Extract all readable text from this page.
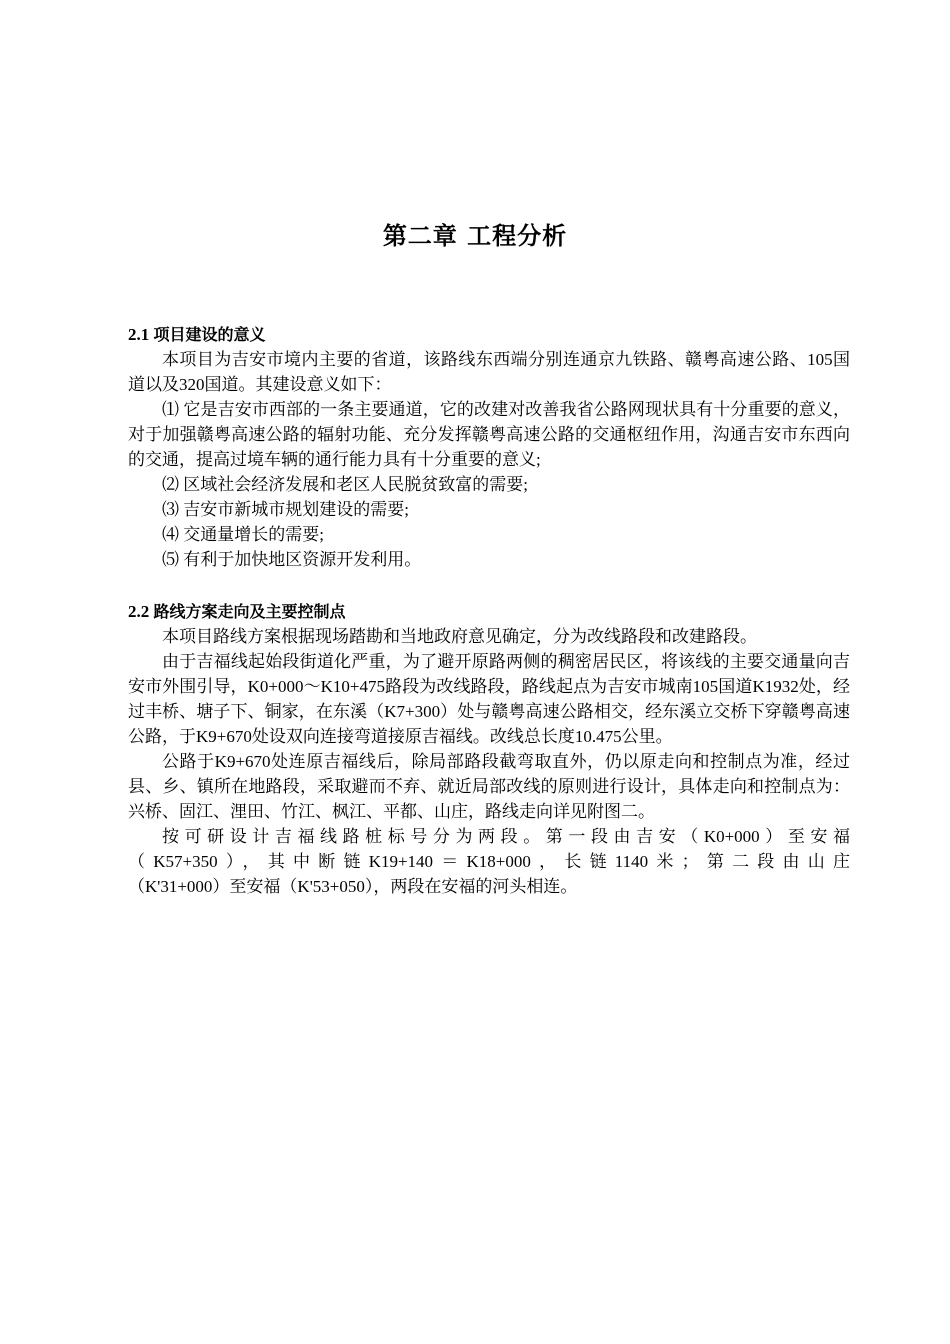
第二章 工程分析
2.1 项目建设的意义

本项目为吉安市境内主要的省道，该路线东西端分别连通京九铁路、赣粤高速公路、105国道以及320国道。其建设意义如下：

⑴ 它是吉安市西部的一条主要通道，它的改建对改善我省公路网现状具有十分重要的意义，对于加强赣粤高速公路的辐射功能、充分发挥赣粤高速公路的交通枢纽作用，沟通吉安市东西向的交通，提高过境车辆的通行能力具有十分重要的意义;

⑵ 区域社会经济发展和老区人民脱贫致富的需要;

⑶ 吉安市新城市规划建设的需要;

⑷ 交通量增长的需要;

⑸ 有利于加快地区资源开发利用。

2.2 路线方案走向及主要控制点

本项目路线方案根据现场踏勘和当地政府意见确定，分为改线路段和改建路段。

由于吉福线起始段街道化严重，为了避开原路两侧的稠密居民区，将该线的主要交通量向吉安市外围引导，K0+000～K10+475路段为改线路段，路线起点为吉安市城南105国道K1932处，经过丰桥、塘子下、铜家，在东溪（K7+300）处与赣粤高速公路相交，经东溪立交桥下穿赣粤高速公路，于K9+670处设双向连接弯道接原吉福线。改线总长度10.475公里。

公路于K9+670处连原吉福线后，除局部路段截弯取直外，仍以原走向和控制点为准，经过县、乡、镇所在地路段，采取避而不弃、就近局部改线的原则进行设计，具体走向和控制点为：兴桥、固江、浬田、竹江、枫江、平都、山庄，路线走向详见附图二。

按可研设计吉福线路桩标号分为两段。第一段由吉安（K0+000）至安福

（K57+350），其中断链K19+140＝K18+000，长链1140米；第二段由山庄

（K'31+000）至安福（K'53+050），两段在安福的河头相连。
